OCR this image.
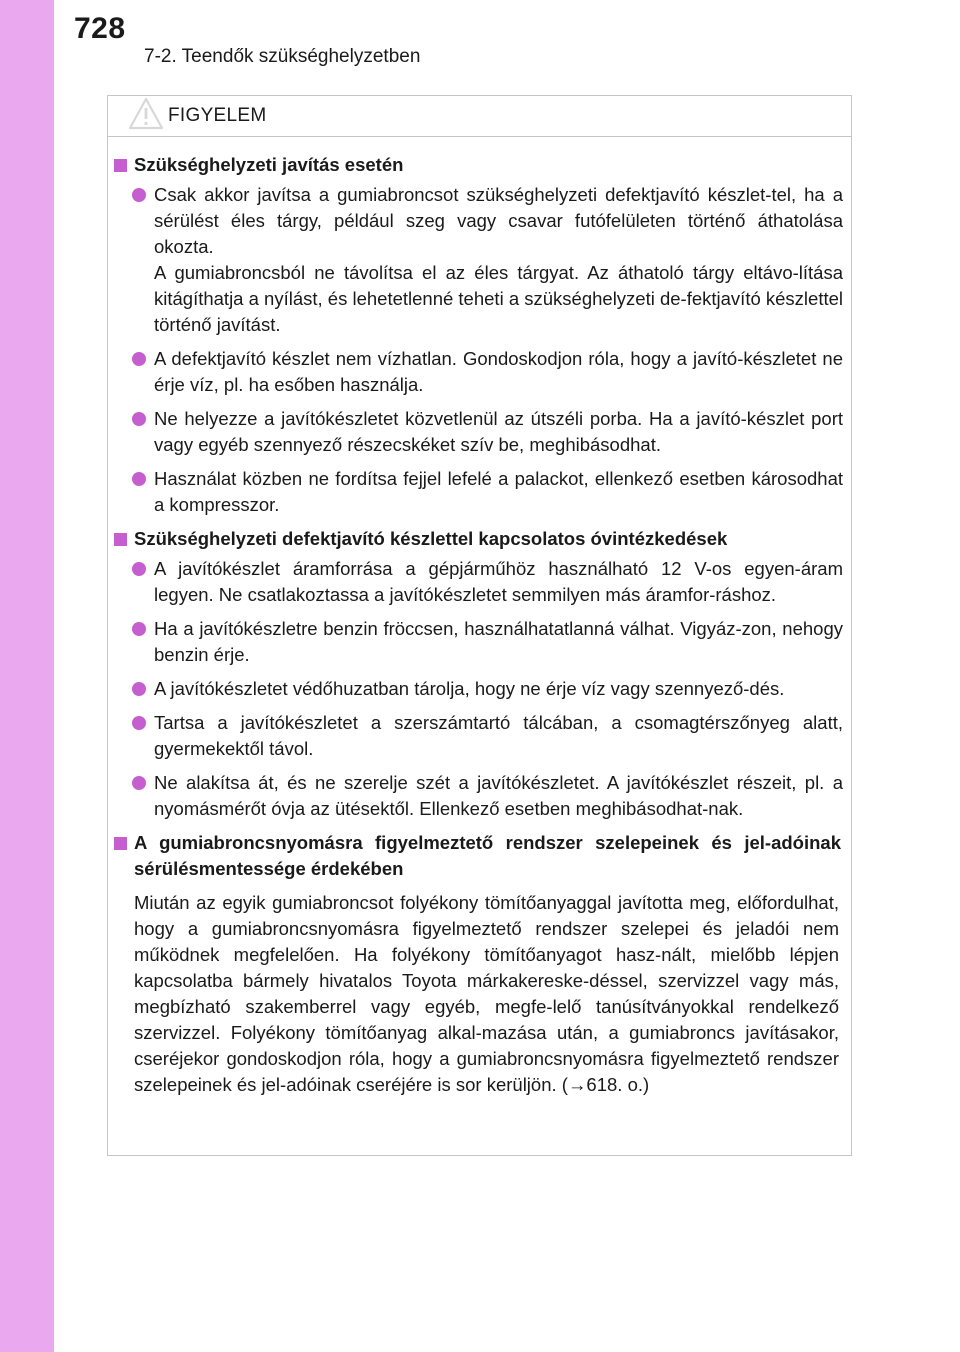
728
7-2. Teendők szükséghelyzetben
FIGYELEM
Szükséghelyzeti javítás esetén
Csak akkor javítsa a gumiabroncsot szükséghelyzeti defektjavító készlet-tel, ha a sérülést éles tárgy, például szeg vagy csavar futófelületen történő áthatolása okozta.
A gumiabroncsból ne távolítsa el az éles tárgyat. Az áthatoló tárgy eltávo-lítása kitágíthatja a nyílást, és lehetetlenné teheti a szükséghelyzeti de-fektjavító készlettel történő javítást.
A defektjavító készlet nem vízhatlan. Gondoskodjon róla, hogy a javító-készletet ne érje víz, pl. ha esőben használja.
Ne helyezze a javítókészletet közvetlenül az útszéli porba. Ha a javító-készlet port vagy egyéb szennyező részecskéket szív be, meghibásodhat.
Használat közben ne fordítsa fejjel lefelé a palackot, ellenkező esetben károsodhat a kompresszor.
Szükséghelyzeti defektjavító készlettel kapcsolatos óvintézkedések
A javítókészlet áramforrása a gépjárműhöz használható 12 V-os egyen-áram legyen. Ne csatlakoztassa a javítókészletet semmilyen más áramfor-ráshoz.
Ha a javítókészletre benzin fröccsen, használhatatlanná válhat. Vigyáz-zon, nehogy benzin érje.
A javítókészletet védőhuzatban tárolja, hogy ne érje víz vagy szennyező-dés.
Tartsa a javítókészletet a szerszámtartó tálcában, a csomagtérszőnyeg alatt, gyermekektől távol.
Ne alakítsa át, és ne szerelje szét a javítókészletet. A javítókészlet részeit, pl. a nyomásmérőt óvja az ütésektől. Ellenkező esetben meghibásodhat-nak.
A gumiabroncsnyomásra figyelmeztető rendszer szelepeinek és jel-adóinak sérülésmentessége érdekében
Miután az egyik gumiabroncsot folyékony tömítőanyaggal javította meg, előfordulhat, hogy a gumiabroncsnyomásra figyelmeztető rendszer szelepei és jeladói nem működnek megfelelően. Ha folyékony tömítőanyagot hasz-nált, mielőbb lépjen kapcsolatba bármely hivatalos Toyota márkakereske-déssel, szervizzel vagy más, megbízható szakemberrel vagy egyéb, megfe-lelő tanúsítványokkal rendelkező szervizzel. Folyékony tömítőanyag alkal-mazása után, a gumiabroncs javításakor, cseréjekor gondoskodjon róla, hogy a gumiabroncsnyomásra figyelmeztető rendszer szelepeinek és jel-adóinak cseréjére is sor kerüljön. (→618. o.)
